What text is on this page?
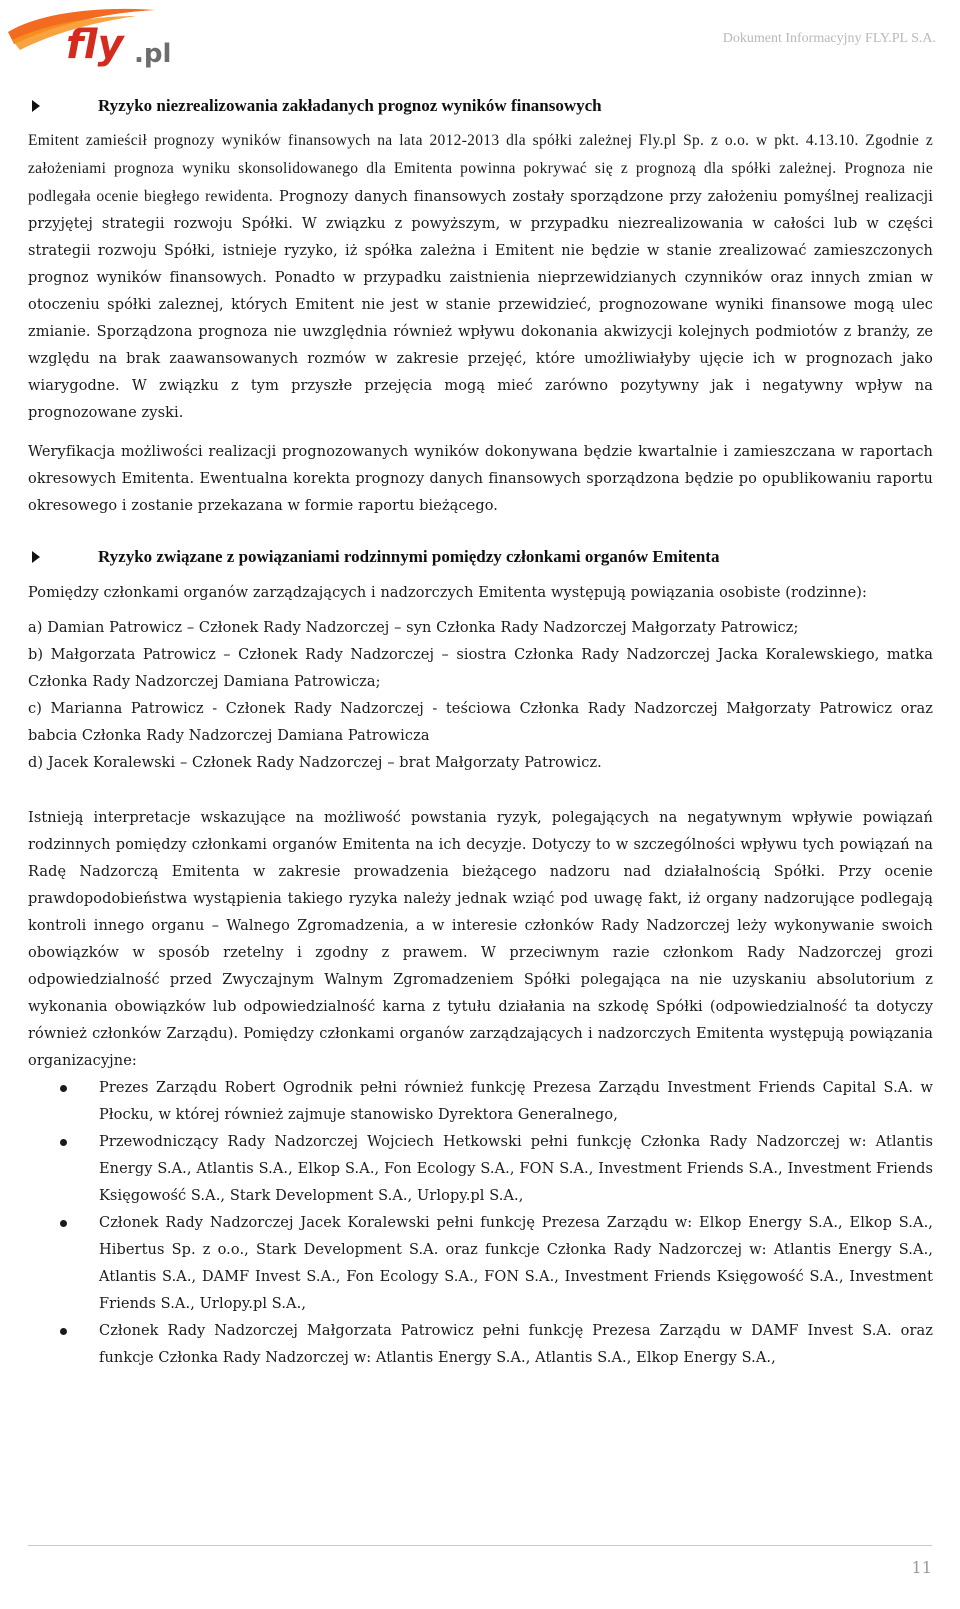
fly .pl
Dokument Informacyjny FLY.PL S.A.
Ryzyko niezrealizowania zakładanych prognoz wyników finansowych

Emitent zamieścił prognozy wyników finansowych na lata 2012-2013 dla spółki zależnej Fly.pl Sp. z o.o. w pkt. 4.13.10. Zgodnie z założeniami prognoza wyniku skonsolidowanego dla Emitenta powinna pokrywać się z prognozą dla spółki zależnej. Prognoza nie podlegała ocenie biegłego rewidenta. Prognozy danych finansowych zostały sporządzone przy założeniu pomyślnej realizacji przyjętej strategii rozwoju Spółki. W związku z powyższym, w przypadku niezrealizowania w całości lub w części strategii rozwoju Spółki, istnieje ryzyko, iż spółka zależna i Emitent nie będzie w stanie zrealizować zamieszczonych prognoz wyników finansowych. Ponadto w przypadku zaistnienia nieprzewidzianych czynników oraz innych zmian w otoczeniu spółki zaleznej, których Emitent nie jest w stanie przewidzieć, prognozowane wyniki finansowe mogą ulec zmianie. Sporządzona prognoza nie uwzględnia również wpływu dokonania akwizycji kolejnych podmiotów z branży, ze względu na brak zaawansowanych rozmów w zakresie przejęć, które umożliwiałyby ujęcie ich w prognozach jako wiarygodne. W związku z tym przyszłe przejęcia mogą mieć zarówno pozytywny jak i negatywny wpływ na prognozowane zyski.

Weryfikacja możliwości realizacji prognozowanych wyników dokonywana będzie kwartalnie i zamieszczana w raportach okresowych Emitenta. Ewentualna korekta prognozy danych finansowych sporządzona będzie po opublikowaniu raportu okresowego i zostanie przekazana w formie raportu bieżącego.

Ryzyko związane z powiązaniami rodzinnymi pomiędzy członkami organów Emitenta

Pomiędzy członkami organów zarządzających i nadzorczych Emitenta występują powiązania osobiste (rodzinne):

a) Damian Patrowicz – Członek Rady Nadzorczej – syn Członka Rady Nadzorczej Małgorzaty Patrowicz;

b) Małgorzata Patrowicz – Członek Rady Nadzorczej – siostra Członka Rady Nadzorczej Jacka Koralewskiego, matka Członka Rady Nadzorczej Damiana Patrowicza;

c) Marianna Patrowicz - Członek Rady Nadzorczej - teściowa Członka Rady Nadzorczej Małgorzaty Patrowicz oraz babcia Członka Rady Nadzorczej Damiana Patrowicza

d) Jacek Koralewski – Członek Rady Nadzorczej – brat Małgorzaty Patrowicz.

Istnieją interpretacje wskazujące na możliwość powstania ryzyk, polegających na negatywnym wpływie powiązań rodzinnych pomiędzy członkami organów Emitenta na ich decyzje. Dotyczy to w szczególności wpływu tych powiązań na Radę Nadzorczą Emitenta w zakresie prowadzenia bieżącego nadzoru nad działalnością Spółki. Przy ocenie prawdopodobieństwa wystąpienia takiego ryzyka należy jednak wziąć pod uwagę fakt, iż organy nadzorujące podlegają kontroli innego organu – Walnego Zgromadzenia, a w interesie członków Rady Nadzorczej leży wykonywanie swoich obowiązków w sposób rzetelny i zgodny z prawem. W przeciwnym razie członkom Rady Nadzorczej grozi odpowiedzialność przed Zwyczajnym Walnym Zgromadzeniem Spółki polegająca na nie uzyskaniu absolutorium z wykonania obowiązków lub odpowiedzialność karna z tytułu działania na szkodę Spółki (odpowiedzialność ta dotyczy również członków Zarządu). Pomiędzy członkami organów zarządzających i nadzorczych Emitenta występują powiązania organizacyjne:

Prezes Zarządu Robert Ogrodnik pełni również funkcję Prezesa Zarządu Investment Friends Capital S.A. w Płocku, w której również zajmuje stanowisko Dyrektora Generalnego,
Przewodniczący Rady Nadzorczej Wojciech Hetkowski pełni funkcję Członka Rady Nadzorczej w: Atlantis Energy S.A., Atlantis S.A., Elkop S.A., Fon Ecology S.A., FON S.A., Investment Friends S.A., Investment Friends Księgowość S.A., Stark Development S.A., Urlopy.pl S.A.,
Członek Rady Nadzorczej Jacek Koralewski pełni funkcję Prezesa Zarządu w: Elkop Energy S.A., Elkop S.A., Hibertus Sp. z o.o., Stark Development S.A. oraz funkcje Członka Rady Nadzorczej w: Atlantis Energy S.A., Atlantis S.A., DAMF Invest S.A., Fon Ecology S.A., FON S.A., Investment Friends Księgowość S.A., Investment Friends S.A., Urlopy.pl S.A.,
Członek Rady Nadzorczej Małgorzata Patrowicz pełni funkcję Prezesa Zarządu w DAMF Invest S.A. oraz funkcje Członka Rady Nadzorczej w: Atlantis Energy S.A., Atlantis S.A., Elkop Energy S.A.,

11
